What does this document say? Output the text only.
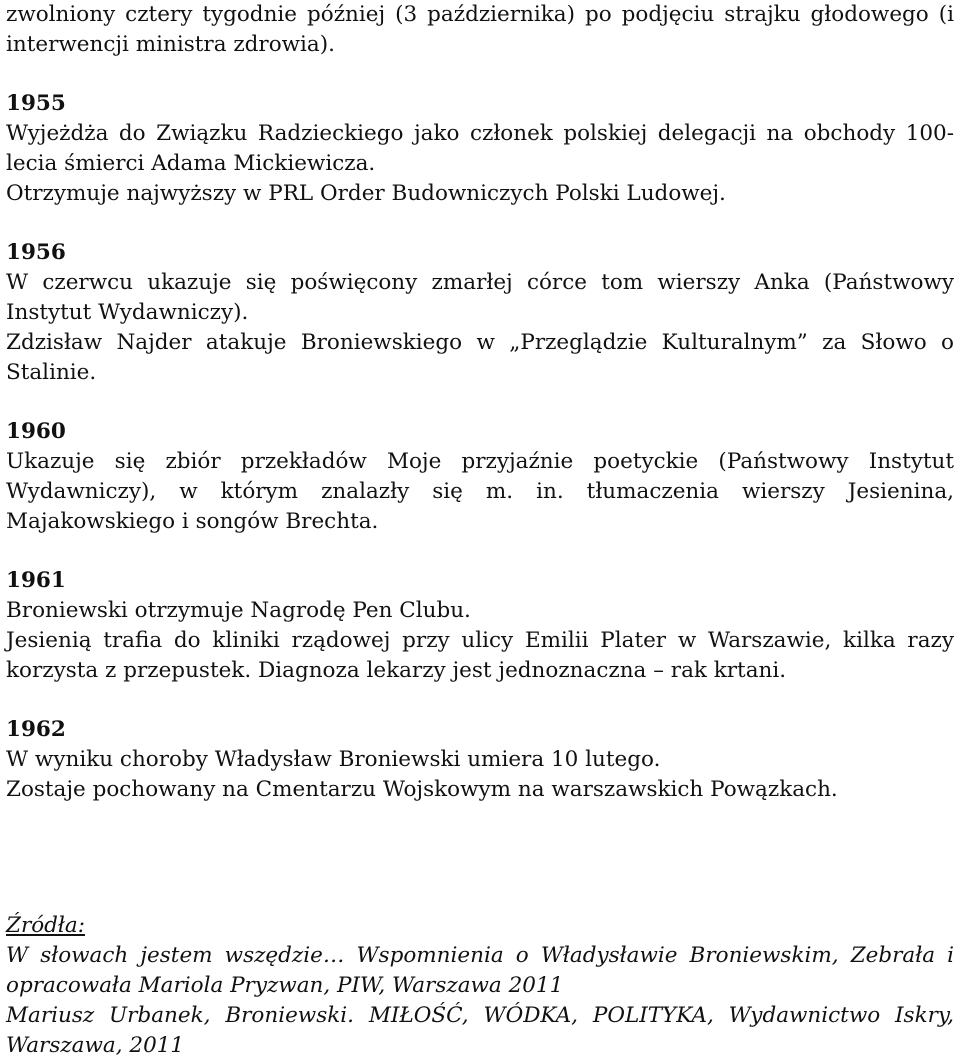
zwolniony cztery tygodnie później (3 października) po podjęciu strajku głodowego (i interwencji ministra zdrowia).

1955

Wyjeżdża do Związku Radzieckiego jako członek polskiej delegacji na obchody 100-lecia śmierci Adama Mickiewicza.

Otrzymuje najwyższy w PRL Order Budowniczych Polski Ludowej.

1956

W czerwcu ukazuje się poświęcony zmarłej córce tom wierszy Anka (Państwowy Instytut Wydawniczy).

Zdzisław Najder atakuje Broniewskiego w „Przeglądzie Kulturalnym” za Słowo o Stalinie.

1960

Ukazuje się zbiór przekładów Moje przyjaźnie poetyckie (Państwowy Instytut Wydawniczy), w którym znalazły się m. in. tłumaczenia wierszy Jesienina, Majakowskiego i songów Brechta.

1961

Broniewski otrzymuje Nagrodę Pen Clubu.

Jesienią trafia do kliniki rządowej przy ulicy Emilii Plater w Warszawie, kilka razy korzysta z przepustek. Diagnoza lekarzy jest jednoznaczna – rak krtani.

1962

W wyniku choroby Władysław Broniewski umiera 10 lutego.

Zostaje pochowany na Cmentarzu Wojskowym na warszawskich Powązkach.

Źródła:

W słowach jestem wszędzie… Wspomnienia o Władysławie Broniewskim, Zebrała i opracowała Mariola Pryzwan, PIW, Warszawa 2011

Mariusz Urbanek, Broniewski. MIŁOŚĆ, WÓDKA, POLITYKA, Wydawnictwo Iskry, Warszawa, 2011
